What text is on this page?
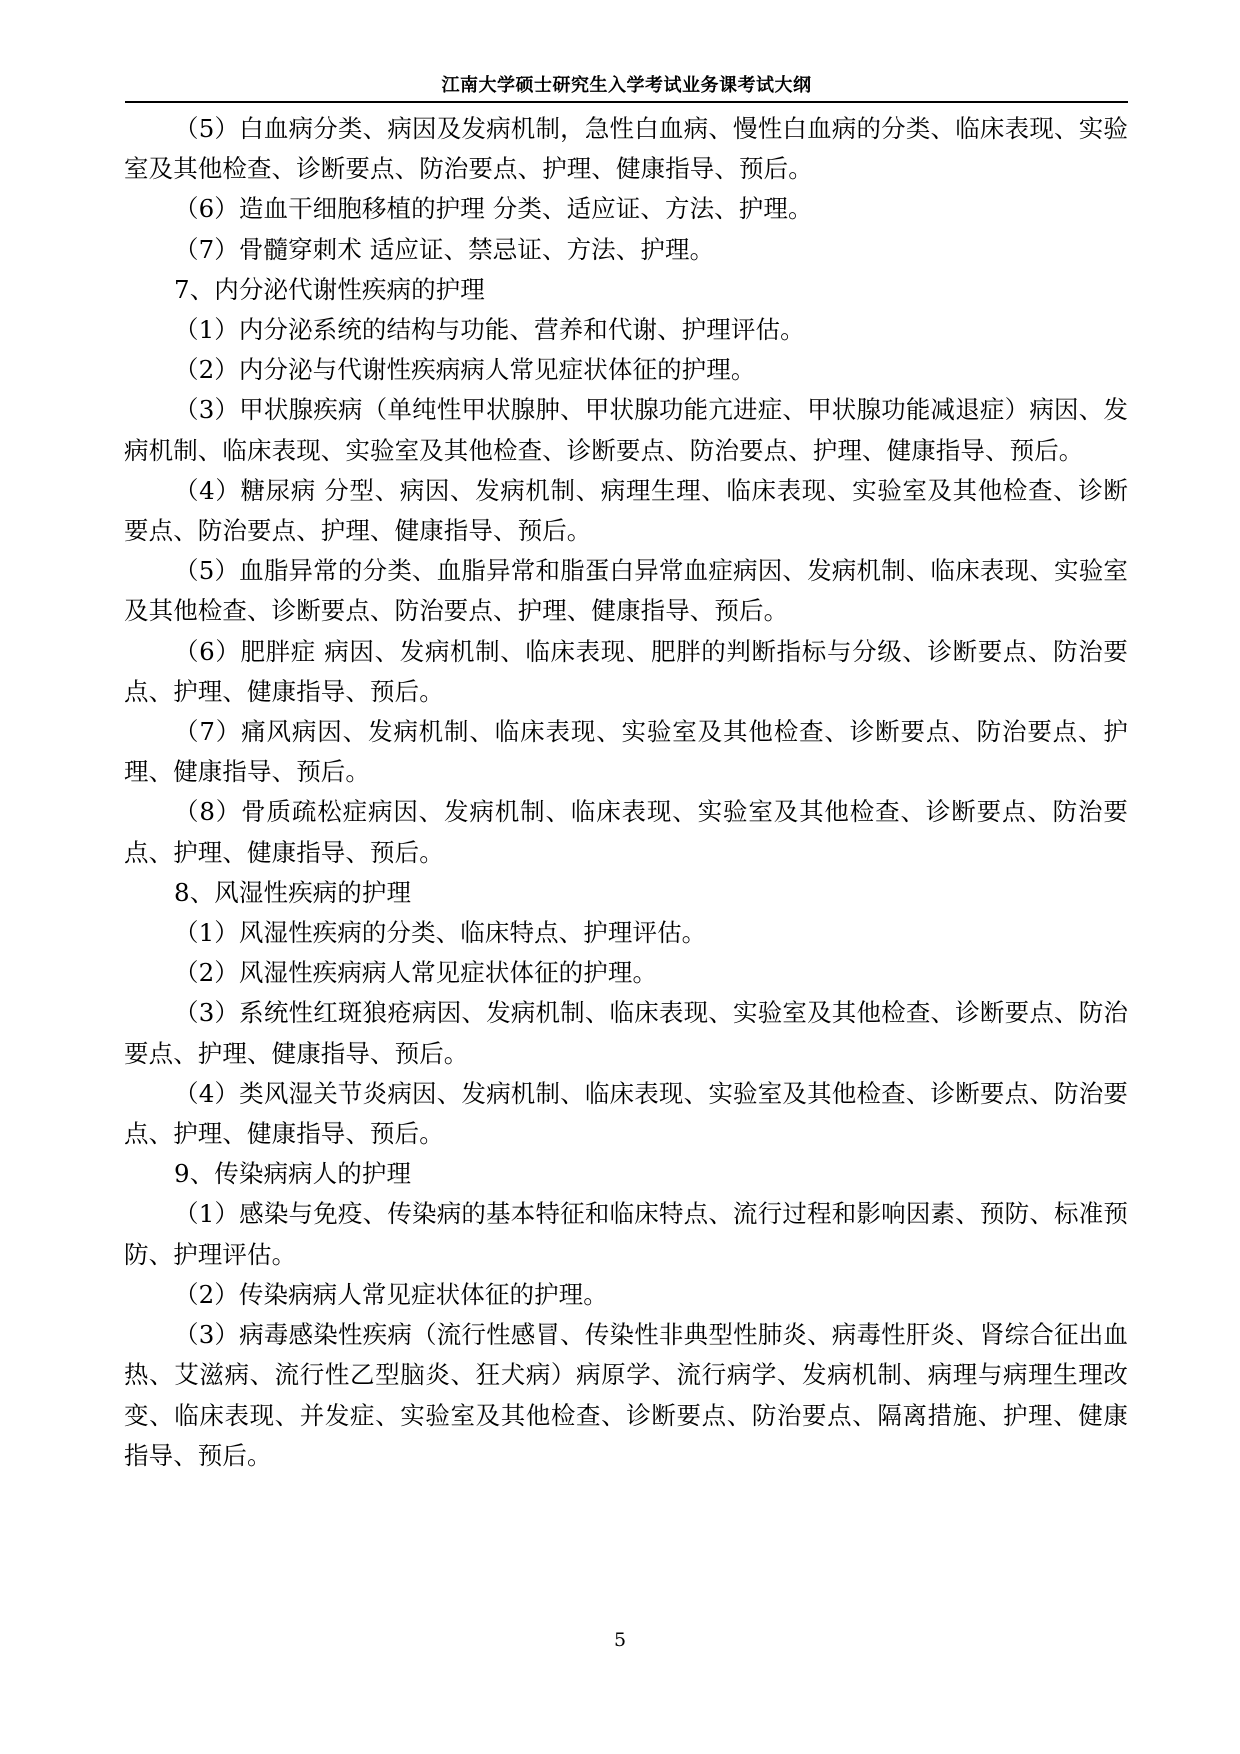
江南大学硕士研究生入学考试业务课考试大纲

（5）白血病分类、病因及发病机制，急性白血病、慢性白血病的分类、临床表现、实验室及其他检查、诊断要点、防治要点、护理、健康指导、预后。

（6）造血干细胞移植的护理 分类、适应证、方法、护理。

（7）骨髓穿刺术 适应证、禁忌证、方法、护理。

7、内分泌代谢性疾病的护理

（1）内分泌系统的结构与功能、营养和代谢、护理评估。

（2）内分泌与代谢性疾病病人常见症状体征的护理。

（3）甲状腺疾病（单纯性甲状腺肿、甲状腺功能亢进症、甲状腺功能减退症）病因、发病机制、临床表现、实验室及其他检查、诊断要点、防治要点、护理、健康指导、预后。

（4）糖尿病 分型、病因、发病机制、病理生理、临床表现、实验室及其他检查、诊断要点、防治要点、护理、健康指导、预后。

（5）血脂异常的分类、血脂异常和脂蛋白异常血症病因、发病机制、临床表现、实验室及其他检查、诊断要点、防治要点、护理、健康指导、预后。

（6）肥胖症 病因、发病机制、临床表现、肥胖的判断指标与分级、诊断要点、防治要点、护理、健康指导、预后。

（7）痛风病因、发病机制、临床表现、实验室及其他检查、诊断要点、防治要点、护理、健康指导、预后。

（8）骨质疏松症病因、发病机制、临床表现、实验室及其他检查、诊断要点、防治要点、护理、健康指导、预后。

8、风湿性疾病的护理

（1）风湿性疾病的分类、临床特点、护理评估。

（2）风湿性疾病病人常见症状体征的护理。

（3）系统性红斑狼疮病因、发病机制、临床表现、实验室及其他检查、诊断要点、防治要点、护理、健康指导、预后。

（4）类风湿关节炎病因、发病机制、临床表现、实验室及其他检查、诊断要点、防治要点、护理、健康指导、预后。

9、传染病病人的护理

（1）感染与免疫、传染病的基本特征和临床特点、流行过程和影响因素、预防、标准预防、护理评估。

（2）传染病病人常见症状体征的护理。

（3）病毒感染性疾病（流行性感冒、传染性非典型性肺炎、病毒性肝炎、肾综合征出血热、艾滋病、流行性乙型脑炎、狂犬病）病原学、流行病学、发病机制、病理与病理生理改变、临床表现、并发症、实验室及其他检查、诊断要点、防治要点、隔离措施、护理、健康指导、预后。

5
